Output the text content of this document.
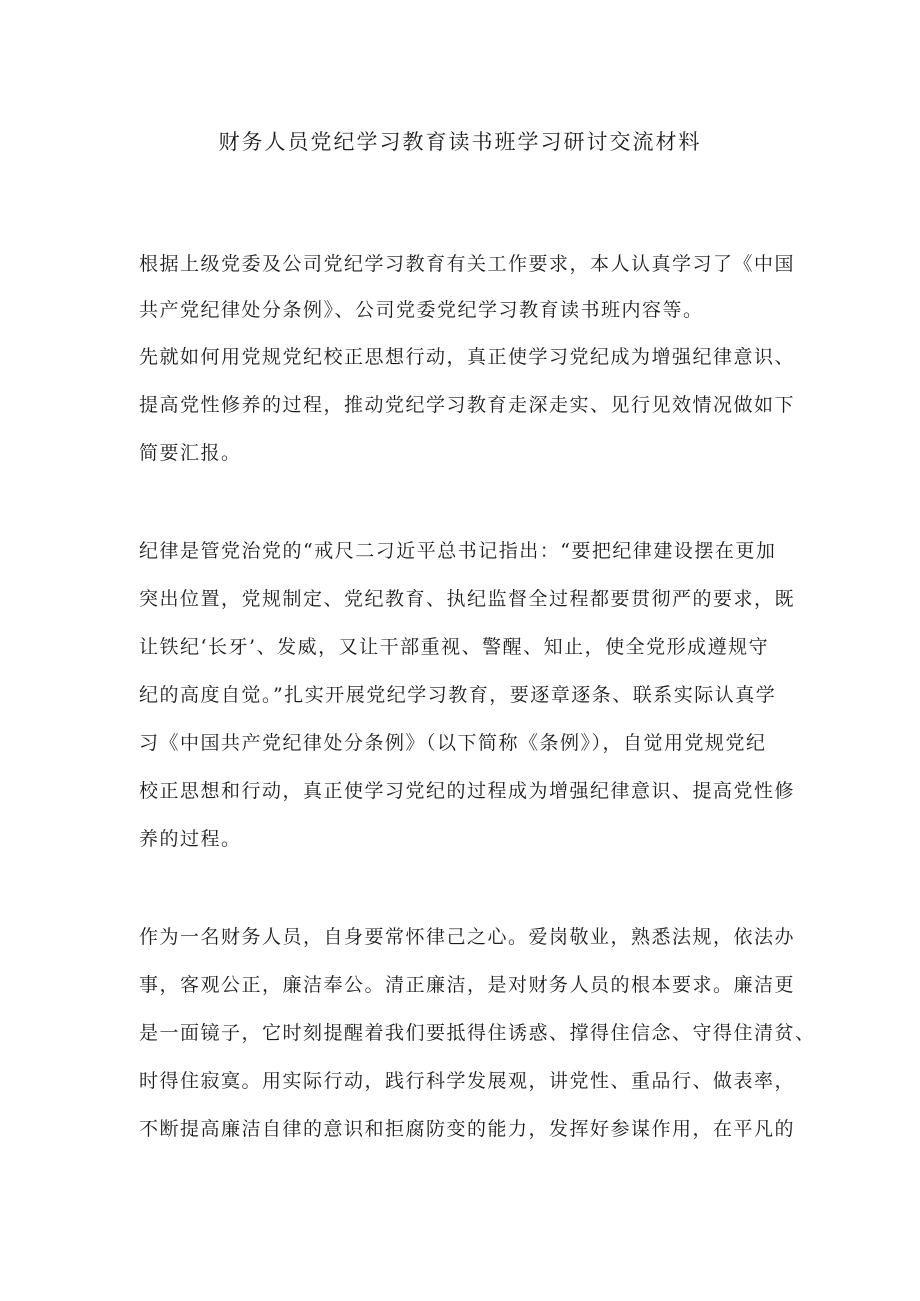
财务人员党纪学习教育读书班学习研讨交流材料

根据上级党委及公司党纪学习教育有关工作要求，本人认真学习了《中国

共产党纪律处分条例》、公司党委党纪学习教育读书班内容等。

先就如何用党规党纪校正思想行动，真正使学习党纪成为增强纪律意识、

提高党性修养的过程，推动党纪学习教育走深走实、见行见效情况做如下

简要汇报。

纪律是管党治党的“戒尺二刁近平总书记指出：“要把纪律建设摆在更加

突出位置，党规制定、党纪教育、执纪监督全过程都要贯彻严的要求，既

让铁纪‘长牙’、发威，又让干部重视、警醒、知止，使全党形成遵规守

纪的高度自觉。”扎实开展党纪学习教育，要逐章逐条、联系实际认真学

习《中国共产党纪律处分条例》（以下简称《条例》），自觉用党规党纪

校正思想和行动，真正使学习党纪的过程成为增强纪律意识、提高党性修

养的过程。

作为一名财务人员，自身要常怀律己之心。爱岗敬业，熟悉法规，依法办

事，客观公正，廉洁奉公。清正廉洁，是对财务人员的根本要求。廉洁更

是一面镜子，它时刻提醒着我们要抵得住诱惑、撑得住信念、守得住清贫、

时得住寂寞。用实际行动，践行科学发展观，讲党性、重品行、做表率，

不断提高廉洁自律的意识和拒腐防变的能力，发挥好参谋作用，在平凡的
